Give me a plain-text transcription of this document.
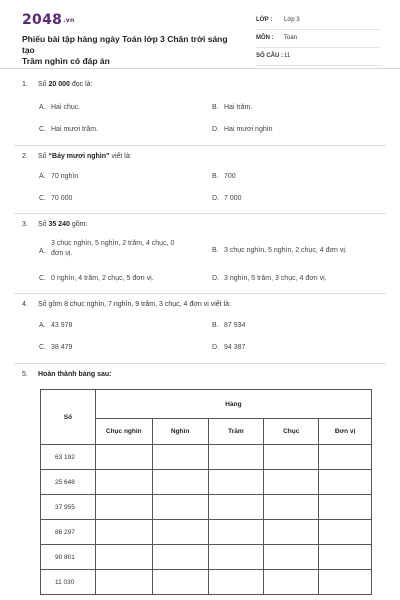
2048.vn
Phiếu bài tập hàng ngày Toán lớp 3 Chân trời sáng tạo
Trăm nghìn có đáp án
LỚP : Lớp 3
MÔN : Toán
SỐ CÂU : 11
1. Số 20 000 đọc là:
A. Hai chục.	B. Hai trăm.
C. Hai mươi trăm.	D. Hai mươi nghìn
2. Số “Bảy mươi nghìn” viết là:
A. 70 nghìn	B. 700
C. 70 000	D. 7 000
3. Số 35 240 gồm:
A.
3 chục nghìn, 5 nghìn, 2 trăm, 4 chục, 0
đơn vị.	B. 3 chục nghìn, 5 nghìn, 2 chục, 4 đơn vị.
C. 0 nghìn, 4 trăm, 2 chục, 5 đơn vị.	D. 3 nghìn, 5 trăm, 3 chục, 4 đơn vị.
4. Số gồm 8 chục nghìn, 7 nghìn, 9 trăm, 3 chục, 4 đơn vị viết là:
A. 43 978	B. 87 934
C. 38 479	D. 94 387
5. Hoàn thành bảng sau:
Số	Hàng				
	Chục nghìn	Nghìn	Trăm	Chục	Đơn vị
63 192					
25 648					
37 955					
86 297					
90 801					
11 030					
